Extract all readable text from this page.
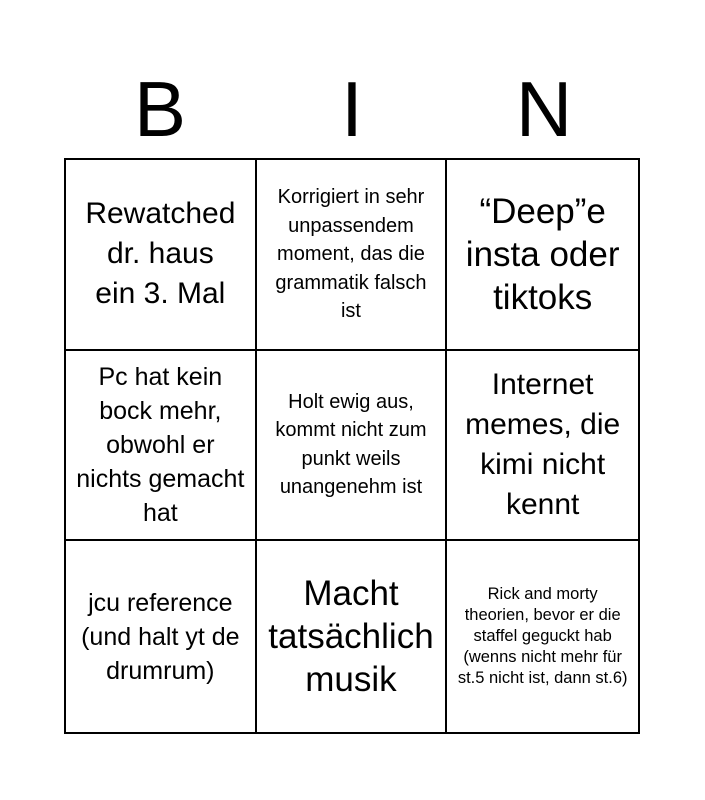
B	I	N
Rewatched dr. haus ein 3. Mal
Korrigiert in sehr unpassendem moment, das die grammatik falsch ist
“Deep”e insta oder tiktoks
Pc hat kein bock mehr, obwohl er nichts gemacht hat
Holt ewig aus, kommt nicht zum punkt weils unangenehm ist
Internet memes, die kimi nicht kennt
jcu reference (und halt yt de drumrum)
Macht tatsächlich musik
Rick and morty theorien, bevor er die staffel geguckt hab (wenns nicht mehr für st.5 nicht ist, dann st.6)
